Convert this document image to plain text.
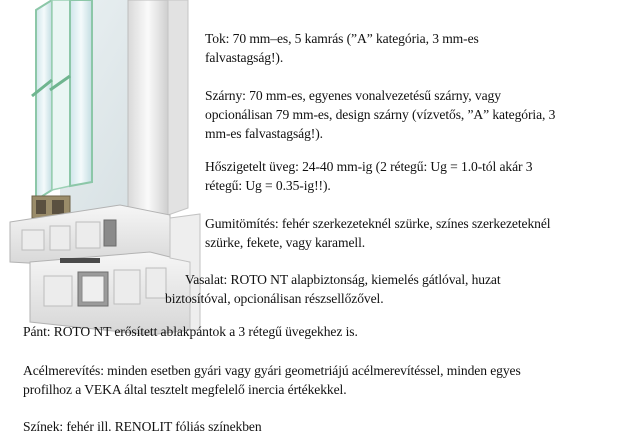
Tok: 70 mm–es, 5 kamrás (”A” kategória, 3 mm-es
falvastagság!).

Szárny: 70 mm-es, egyenes vonalvezetésű szárny, vagy
opcionálisan 79 mm-es, design szárny (vízvetős, ”A” kategória, 3
mm-es falvastagság!).

Hőszigetelt üveg: 24-40 mm-ig (2 rétegű: Ug = 1.0-tól akár 3
rétegű: Ug = 0.35-ig!!).

Gumitömítés: fehér szerkezeteknél szürke, színes szerkezeteknél
szürke, fekete, vagy karamell.

Vasalat: ROTO NT alapbiztonság, kiemelés gátlóval, huzat
biztosítóval, opcionálisan részsellőzővel.

Pánt: ROTO NT erősített ablakpántok a 3 rétegű üvegekhez is.

Acélmerevítés: minden esetben gyári vagy gyári geometriájú acélmerevítéssel, minden egyes
profilhoz a VEKA által tesztelt megfelelő inercia értékekkel.

Színek: fehér ill. RENOLIT fóliás színekben
